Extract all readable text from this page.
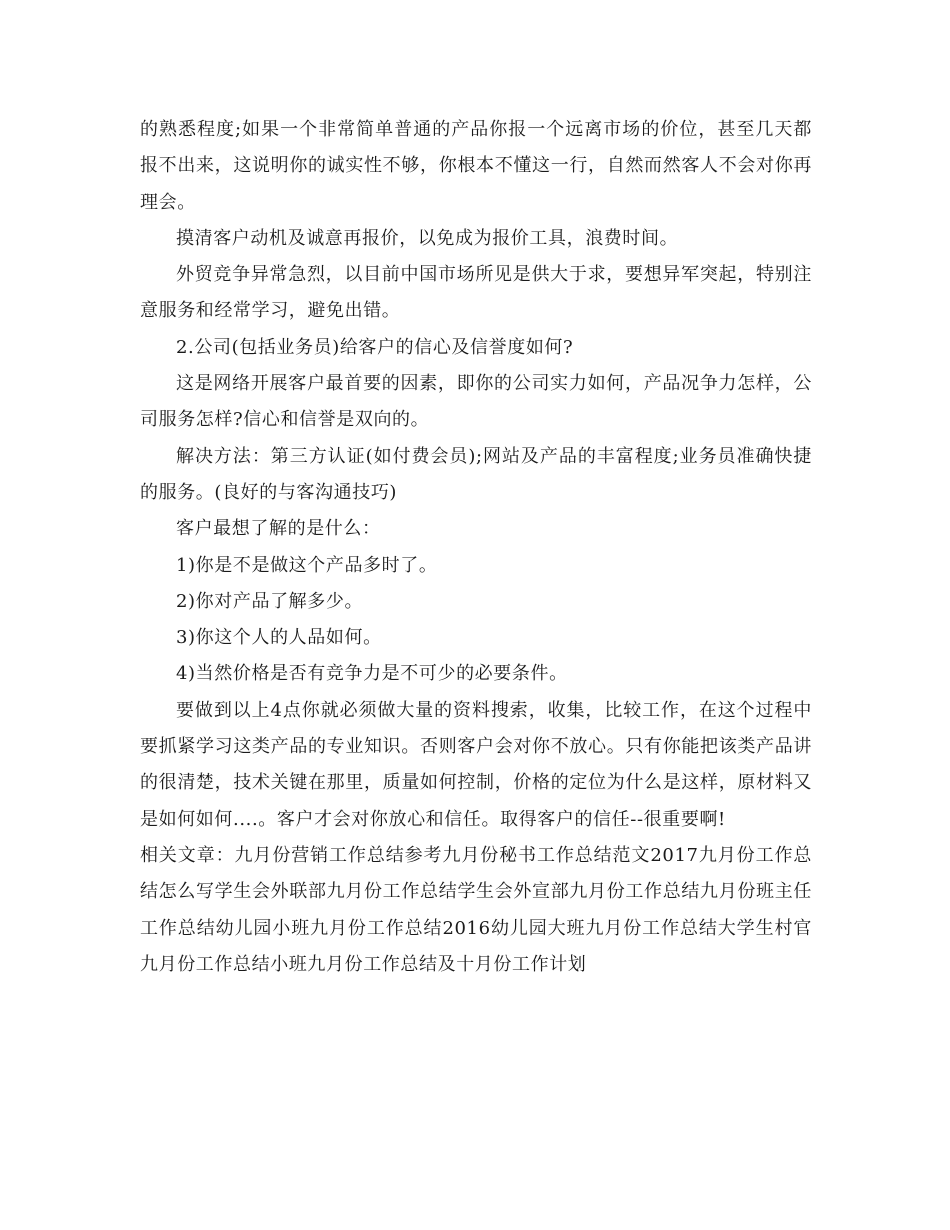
的熟悉程度;如果一个非常简单普通的产品你报一个远离市场的价位，甚至几天都报不出来，这说明你的诚实性不够，你根本不懂这一行，自然而然客人不会对你再理会。

摸清客户动机及诚意再报价，以免成为报价工具，浪费时间。

外贸竞争异常急烈，以目前中国市场所见是供大于求，要想异军突起，特别注意服务和经常学习，避免出错。

2.公司(包括业务员)给客户的信心及信誉度如何?

这是网络开展客户最首要的因素，即你的公司实力如何，产品况争力怎样，公司服务怎样?信心和信誉是双向的。

解决方法：第三方认证(如付费会员);网站及产品的丰富程度;业务员准确快捷的服务。(良好的与客沟通技巧)

客户最想了解的是什么：

1)你是不是做这个产品多时了。

2)你对产品了解多少。

3)你这个人的人品如何。

4)当然价格是否有竞争力是不可少的必要条件。

要做到以上4点你就必须做大量的资料搜索，收集，比较工作，在这个过程中要抓紧学习这类产品的专业知识。否则客户会对你不放心。只有你能把该类产品讲的很清楚，技术关键在那里，质量如何控制，价格的定位为什么是这样，原材料又是如何如何....。客户才会对你放心和信任。取得客户的信任--很重要啊!

相关文章：九月份营销工作总结参考九月份秘书工作总结范文2017九月份工作总结怎么写学生会外联部九月份工作总结学生会外宣部九月份工作总结九月份班主任工作总结幼儿园小班九月份工作总结2016幼儿园大班九月份工作总结大学生村官九月份工作总结小班九月份工作总结及十月份工作计划
